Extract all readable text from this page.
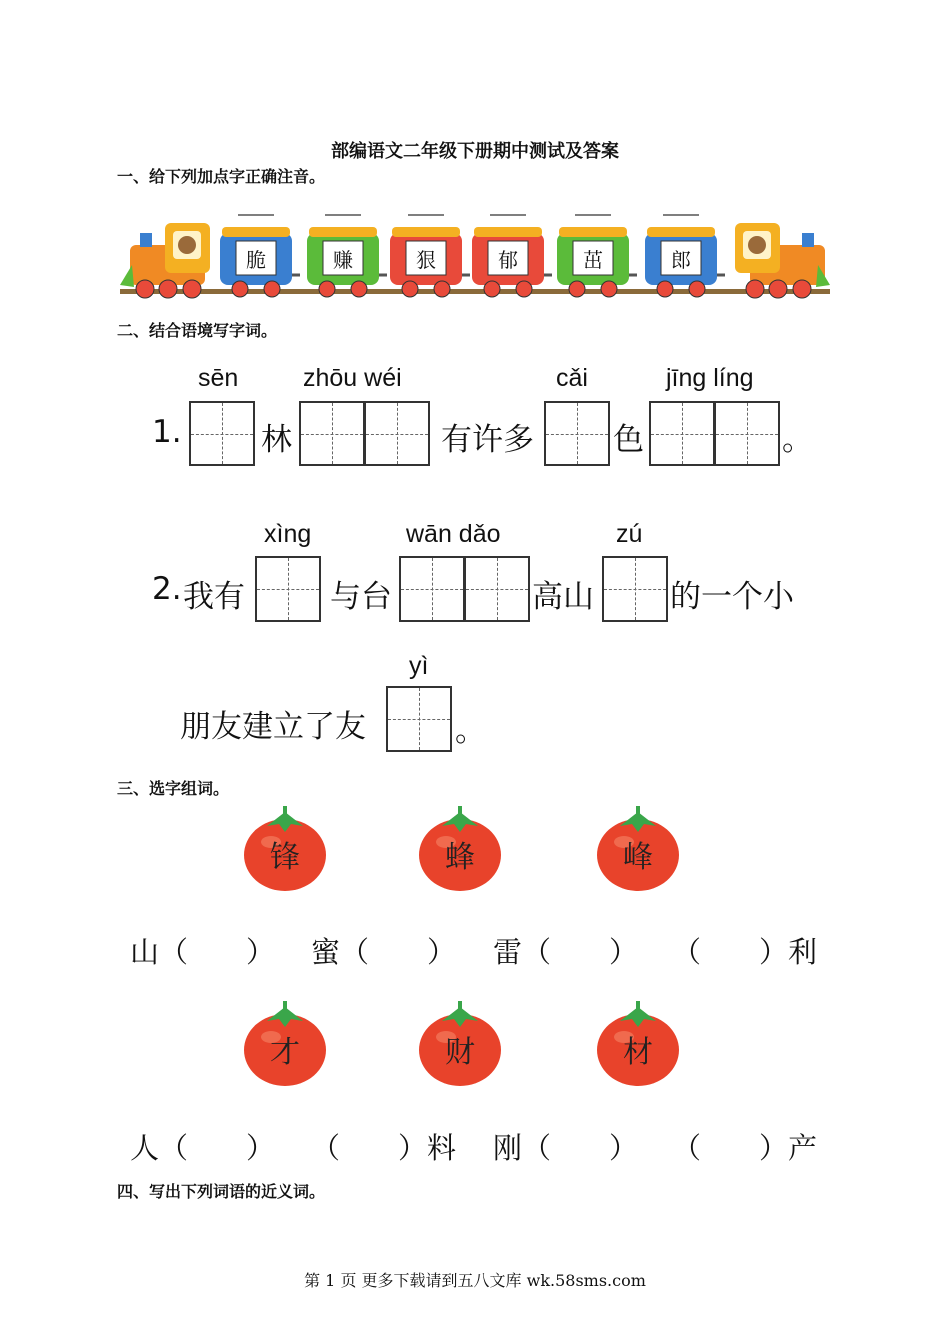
部编语文二年级下册期中测试及答案
一、给下列加点字正确注音。
脆	赚	狠	郁	茁	郎
二、结合语境写字词。
sēn	zhōu wéi	cǎi	jīng líng
1.	林	有许多	色	。
xìng	wān dǎo	zú
2. 我有	与台	高山 的一个小
yì
朋友建立了友	。
三、选字组词。
锋	蜂	峰
山（　　） 蜜（　　） 雷（　　） （　　）利
才	财	材
人（　　） （　　）料 刚（　　） （　　）产
四、写出下列词语的近义词。
第 1 页 更多下载请到五八文库 wk.58sms.com
